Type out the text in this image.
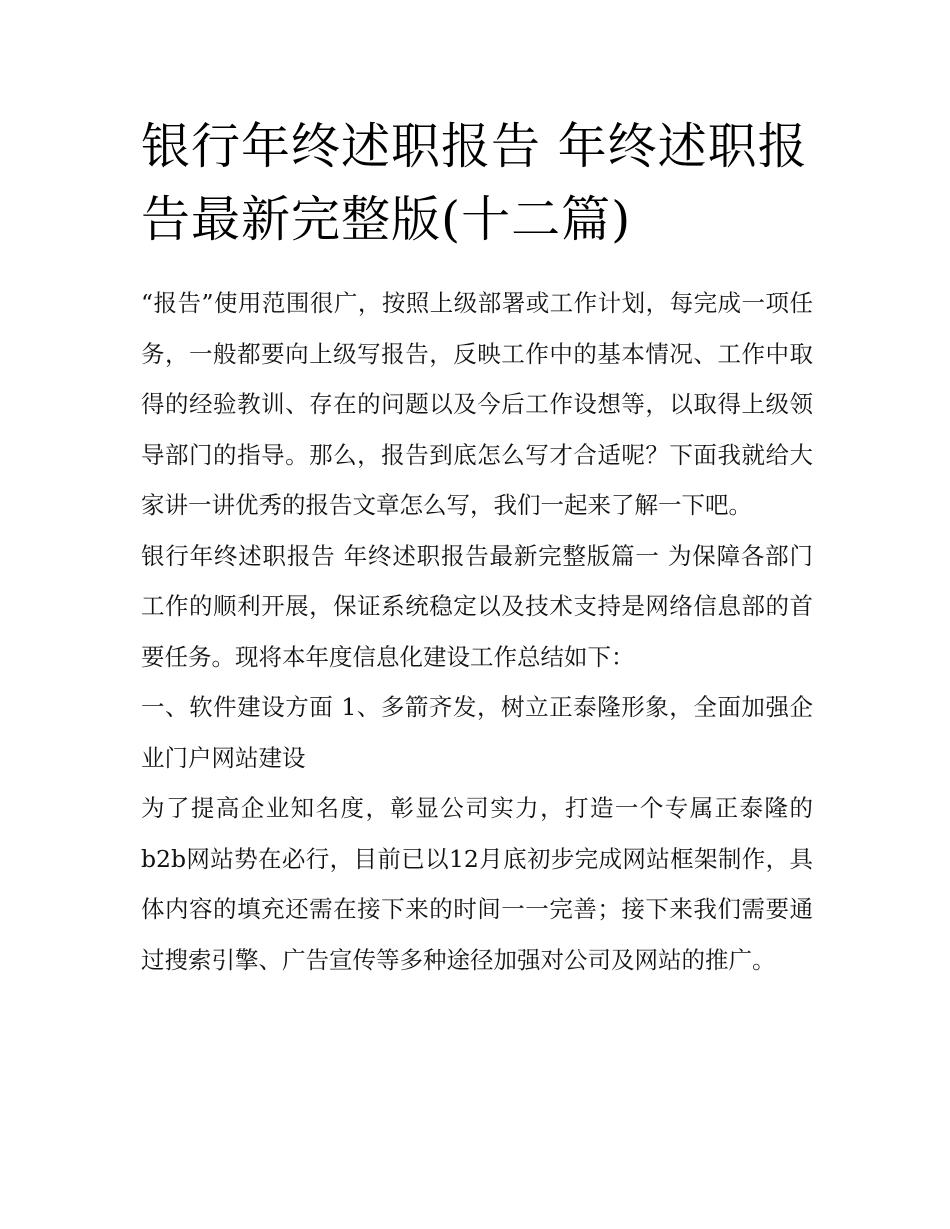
银行年终述职报告 年终述职报告最新完整版(十二篇)

“报告”使用范围很广，按照上级部署或工作计划，每完成一项任务，一般都要向上级写报告，反映工作中的基本情况、工作中取得的经验教训、存在的问题以及今后工作设想等，以取得上级领导部门的指导。那么，报告到底怎么写才合适呢？下面我就给大家讲一讲优秀的报告文章怎么写，我们一起来了解一下吧。

银行年终述职报告 年终述职报告最新完整版篇一 为保障各部门工作的顺利开展，保证系统稳定以及技术支持是网络信息部的首要任务。现将本年度信息化建设工作总结如下：

一、软件建设方面 1、多箭齐发，树立正泰隆形象，全面加强企业门户网站建设

为了提高企业知名度，彰显公司实力，打造一个专属正泰隆的b2b网站势在必行，目前已以12月底初步完成网站框架制作，具体内容的填充还需在接下来的时间一一完善；接下来我们需要通过搜索引擎、广告宣传等多种途径加强对公司及网站的推广。
